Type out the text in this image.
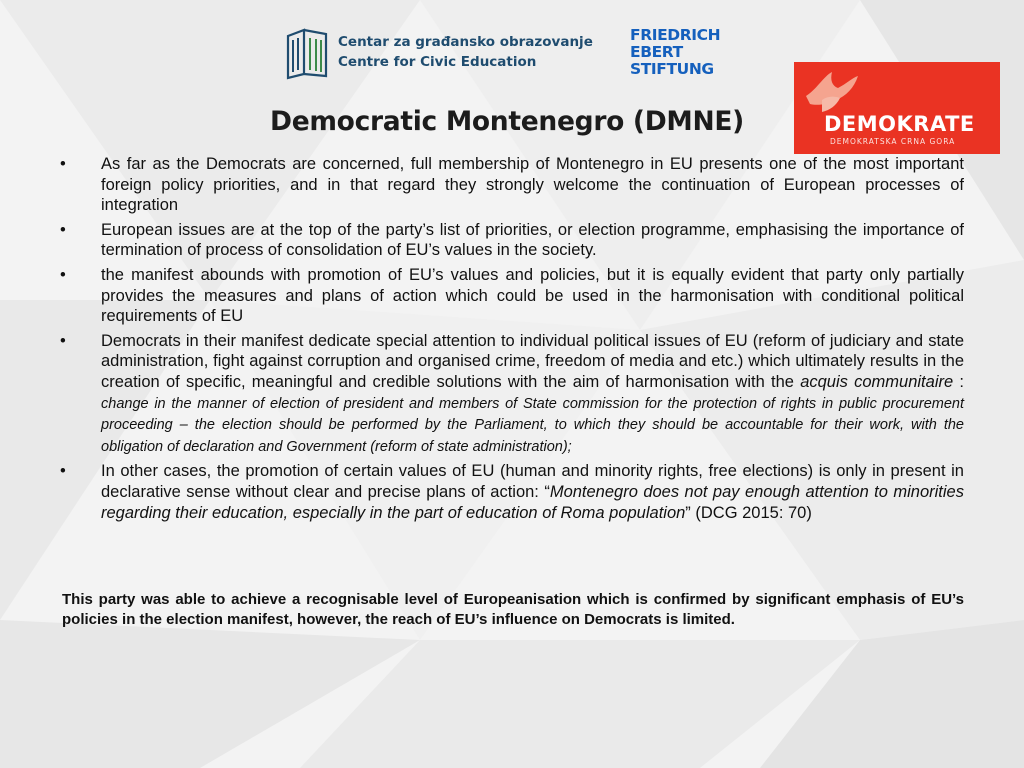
Centar za građansko obrazovanje
Centre for Civic Education
FRIEDRICH
EBERT
STIFTUNG
DEMOKRATE
DEMOKRATSKA CRNA GORA
Democratic Montenegro (DMNE)
• As far as the Democrats are concerned, full membership of Montenegro in EU presents one of the most important foreign policy priorities, and in that regard they strongly welcome the continuation of European processes of integration
• European issues are at the top of the party’s list of priorities, or election programme, emphasising the importance of termination of process of consolidation of EU’s values in the society.
• the manifest abounds with promotion of EU’s values and policies, but it is equally evident that party only partially provides the measures and plans of action which could be used in the harmonisation with conditional political requirements of EU
• Democrats in their manifest dedicate special attention to individual political issues of EU (reform of judiciary and state administration, fight against corruption and organised crime, freedom of media and etc.) which ultimately results in the creation of specific, meaningful and credible solutions with the aim of harmonisation with the acquis communitaire : change in the manner of election of president and members of State commission for the protection of rights in public procurement proceeding – the election should be performed by the Parliament, to which they should be accountable for their work, with the obligation of declaration and Government (reform of state administration);
• In other cases, the promotion of certain values of EU (human and minority rights, free elections) is only in present in declarative sense without clear and precise plans of action: “Montenegro does not pay enough attention to minorities regarding their education, especially in the part of education of Roma population” (DCG 2015: 70)
This party was able to achieve a recognisable level of Europeanisation which is confirmed by significant emphasis of EU’s policies in the election manifest, however, the reach of EU’s influence on Democrats is limited.
